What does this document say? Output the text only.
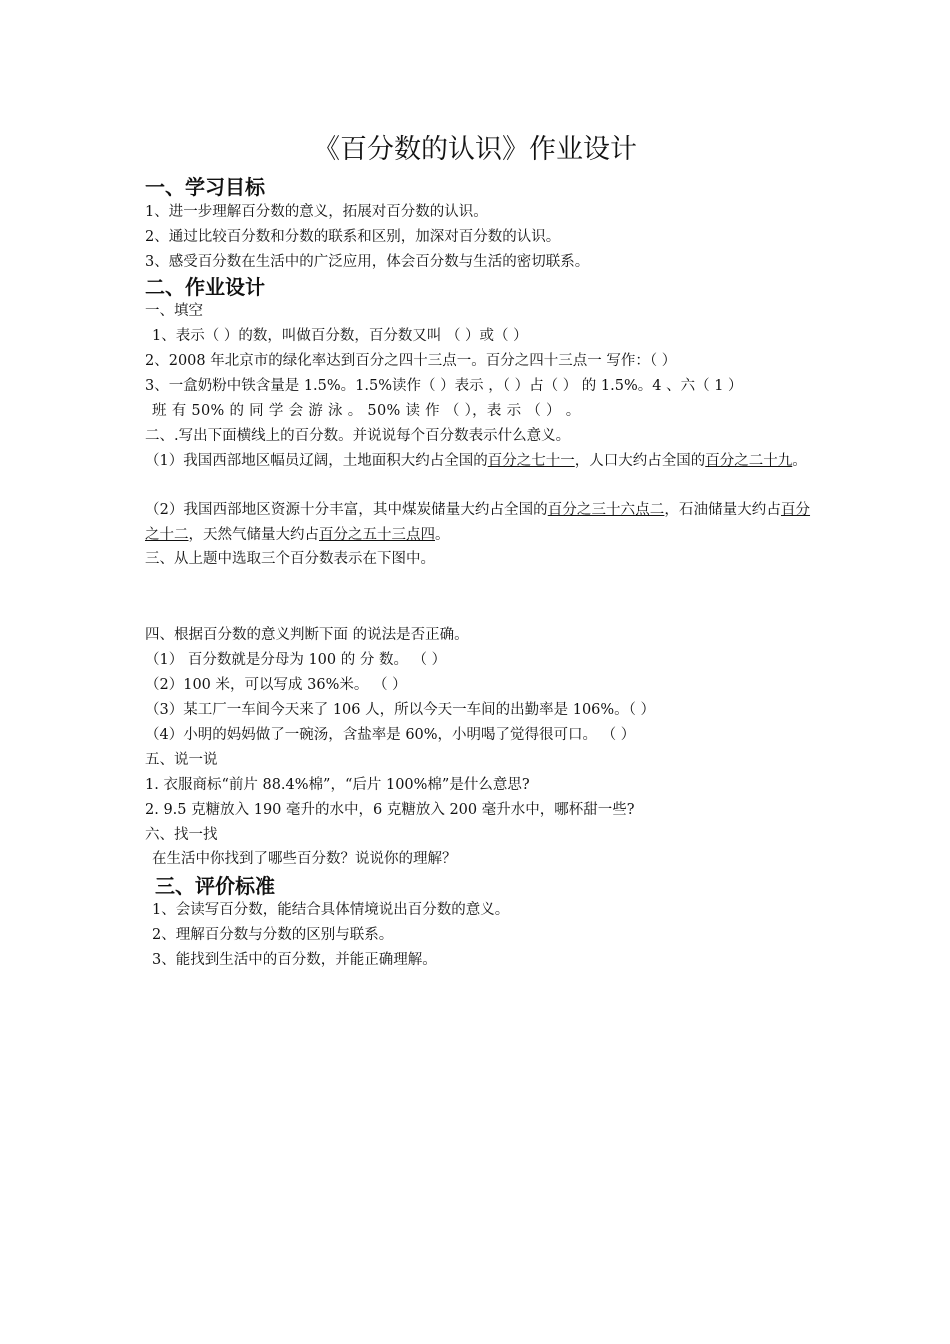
《百分数的认识》作业设计
一、学习目标
1、进一步理解百分数的意义，拓展对百分数的认识。
2、通过比较百分数和分数的联系和区别，加深对百分数的认识。
3、感受百分数在生活中的广泛应用，体会百分数与生活的密切联系。
二、作业设计
一、填空
1、表示（ ）的数，叫做百分数，百分数又叫 （ ）或（ ）
2、2008 年北京市的绿化率达到百分之四十三点一。百分之四十三点一 写作：（ ）
3、一盒奶粉中铁含量是 1.5%。1.5%读作（ ）表示 ，（ ）占（ ） 的 1.5%。4 、六（ 1 ）
班 有 50% 的 同 学 会 游 泳 。 50% 读 作 （ ），表 示 （ ） 。
二、.写出下面横线上的百分数。并说说每个百分数表示什么意义。
（1）我国西部地区幅员辽阔，土地面积大约占全国的百分之七十一，人口大约占全国的百分之二十九。
（2）我国西部地区资源十分丰富，其中煤炭储量大约占全国的百分之三十六点二，石油储量大约占百分之十二，天然气储量大约占百分之五十三点四。
三、从上题中选取三个百分数表示在下图中。
四、根据百分数的意义判断下面 的说法是否正确。
（1） 百分数就是分母为 100 的 分 数。 （ ）
（2）100 米，可以写成 36%米。 （ ）
（3）某工厂一车间今天来了 106 人，所以今天一车间的出勤率是 106%。（ ）
（4）小明的妈妈做了一碗汤，含盐率是 60%，小明喝了觉得很可口。 （ ）
五、说一说
1. 衣服商标“前片 88.4%棉”，“后片 100%棉”是什么意思?
2. 9.5 克糖放入 190 毫升的水中，6 克糖放入 200 毫升水中，哪杯甜一些?
六、找一找
在生活中你找到了哪些百分数？说说你的理解？
三、评价标准
1、会读写百分数，能结合具体情境说出百分数的意义。
2、理解百分数与分数的区别与联系。
3、能找到生活中的百分数，并能正确理解。
